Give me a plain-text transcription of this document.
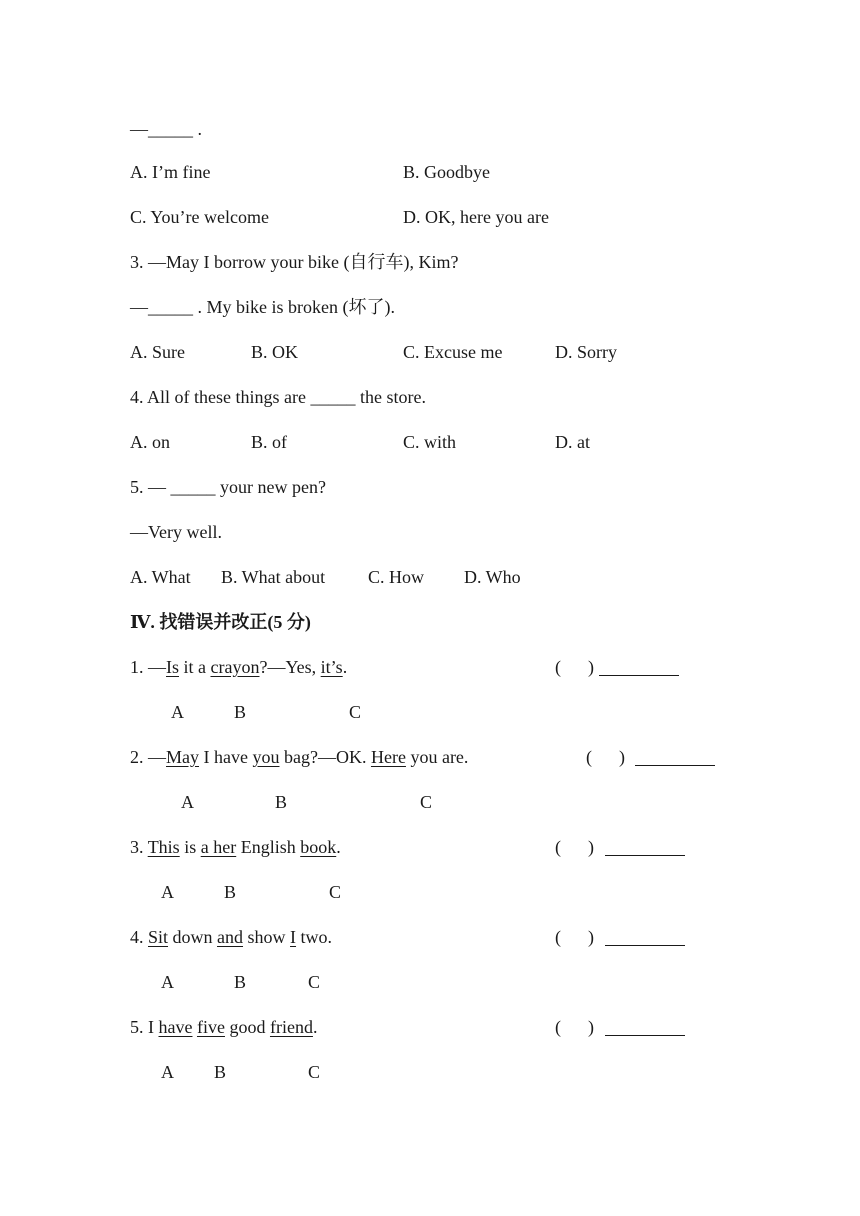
—_____ .
A. I’m fine	B. Goodbye
C. You’re welcome	D. OK, here you are
3. —May I borrow your bike (自行车), Kim?
—_____ . My bike is broken (坏了).
A. Sure	B. OK	C. Excuse me	D. Sorry
4. All of these things are _____ the store.
A. on	B. of	C. with	D. at
5. — _____ your new pen?
—Very well.
A. What B. What about C. How D. Who
Ⅳ. 找错误并改正(5 分)
1. —Is it a crayon?—Yes, it’s.	(      )
A	B	C
2. —May I have you bag?—OK. Here you are.	(      )
A	B	C
3. This is a her English book.	(      )
A	B	C
4. Sit down and show I two.	(      )
A	B	C
5. I have five good friend.	(      )
A B	C
